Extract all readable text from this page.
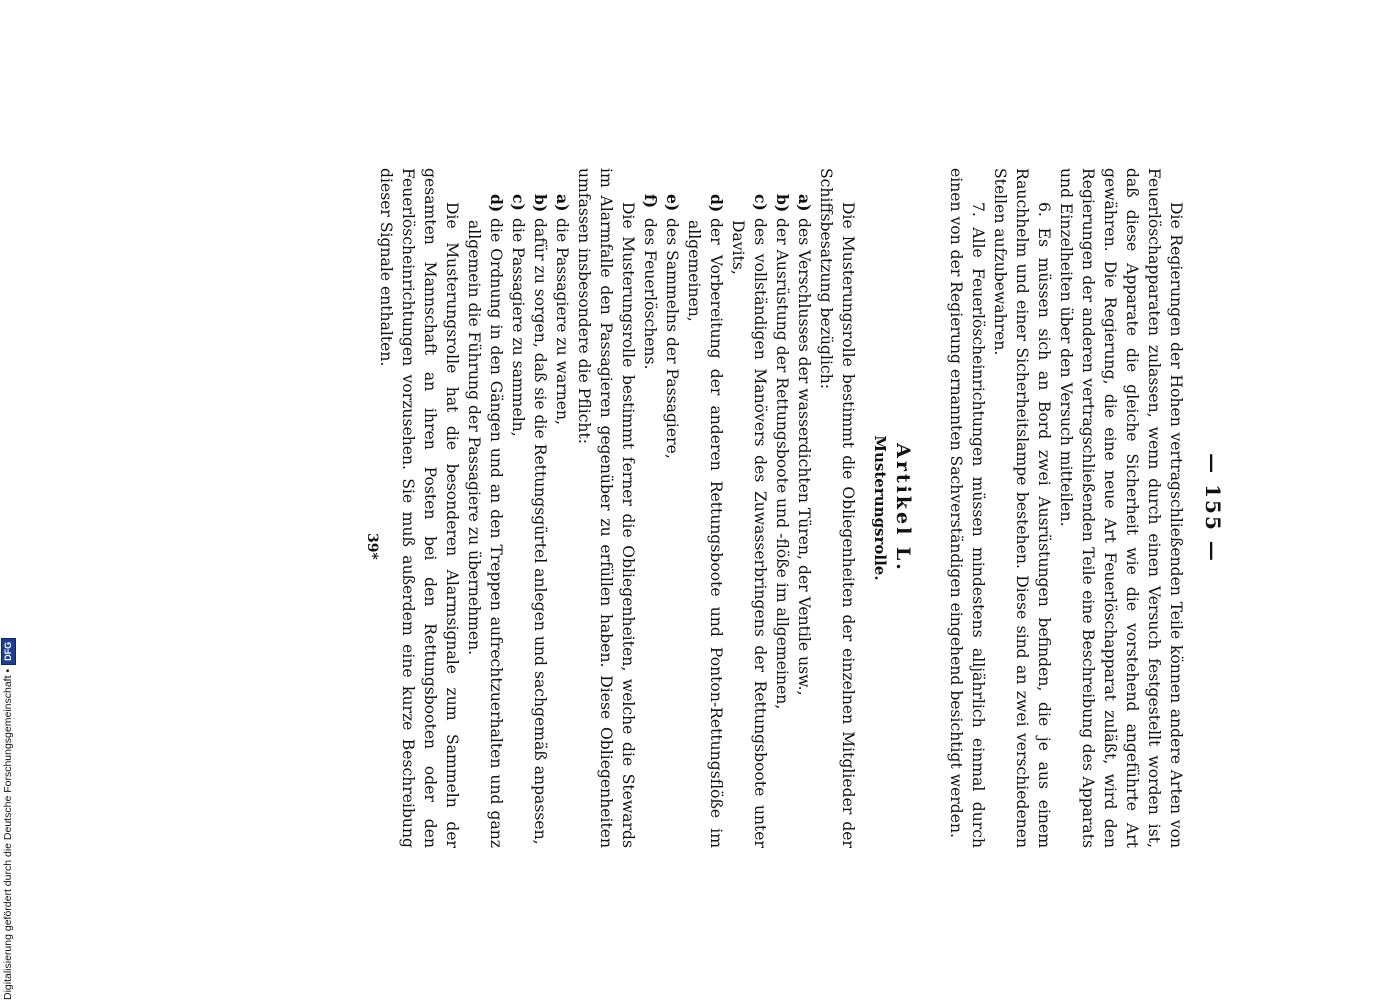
— 155 —

Die Regierungen der Hohen vertragschließenden Teile können andere Arten von Feuerlöschapparaten zulassen, wenn durch einen Versuch festgestellt worden ist, daß diese Apparate die gleiche Sicherheit wie die vorstehend angeführte Art gewähren. Die Regierung, die eine neue Art Feuerlöschapparat zuläßt, wird den Regierungen der anderen vertragschließenden Teile eine Beschreibung des Apparats und Einzelheiten über den Versuch mitteilen.

6. Es müssen sich an Bord zwei Ausrüstungen befinden, die je aus einem Rauchhelm und einer Sicherheitslampe bestehen. Diese sind an zwei verschiedenen Stellen aufzubewahren.

7. Alle Feuerlöscheinrichtungen müssen mindestens alljährlich einmal durch einen von der Regierung ernannten Sachverständigen eingehend besichtigt werden.

Artikel L.

Musterungsrolle.

Die Musterungsrolle bestimmt die Obliegenheiten der einzelnen Mitglieder der Schiffsbesatzung bezüglich:

a)des Verschlusses der wasserdichten Türen, der Ventile usw.,

b)der Ausrüstung der Rettungsboote und -flöße im allgemeinen,

c)des vollständigen Manövers des Zuwasserbringens der Rettungsboote unter Davits,

d)der Vorbereitung der anderen Rettungsboote und Ponton-Rettungsflöße im allgemeinen,

e)des Sammelns der Passagiere,

f)des Feuerlöschens.

Die Musterungsrolle bestimmt ferner die Obliegenheiten, welche die Stewards im Alarmfalle den Passagieren gegenüber zu erfüllen haben. Diese Obliegenheiten umfassen insbesondere die Pflicht:

a)die Passagiere zu warnen,

b)dafür zu sorgen, daß sie die Rettungsgürtel anlegen und sachgemäß anpassen,

c)die Passagiere zu sammeln,

d)die Ordnung in den Gängen und an den Treppen aufrechtzuerhalten und ganz allgemein die Führung der Passagiere zu übernehmen.

Die Musterungsrolle hat die besonderen Alarmsignale zum Sammeln der gesamten Mannschaft an ihren Posten bei den Rettungsbooten oder den Feuerlöscheinrichtungen vorzusehen. Sie muß außerdem eine kurze Beschreibung dieser Signale enthalten.

39*
Digitalisierung gefördert durch die Deutsche Forschungsgemeinschaft •DFG
